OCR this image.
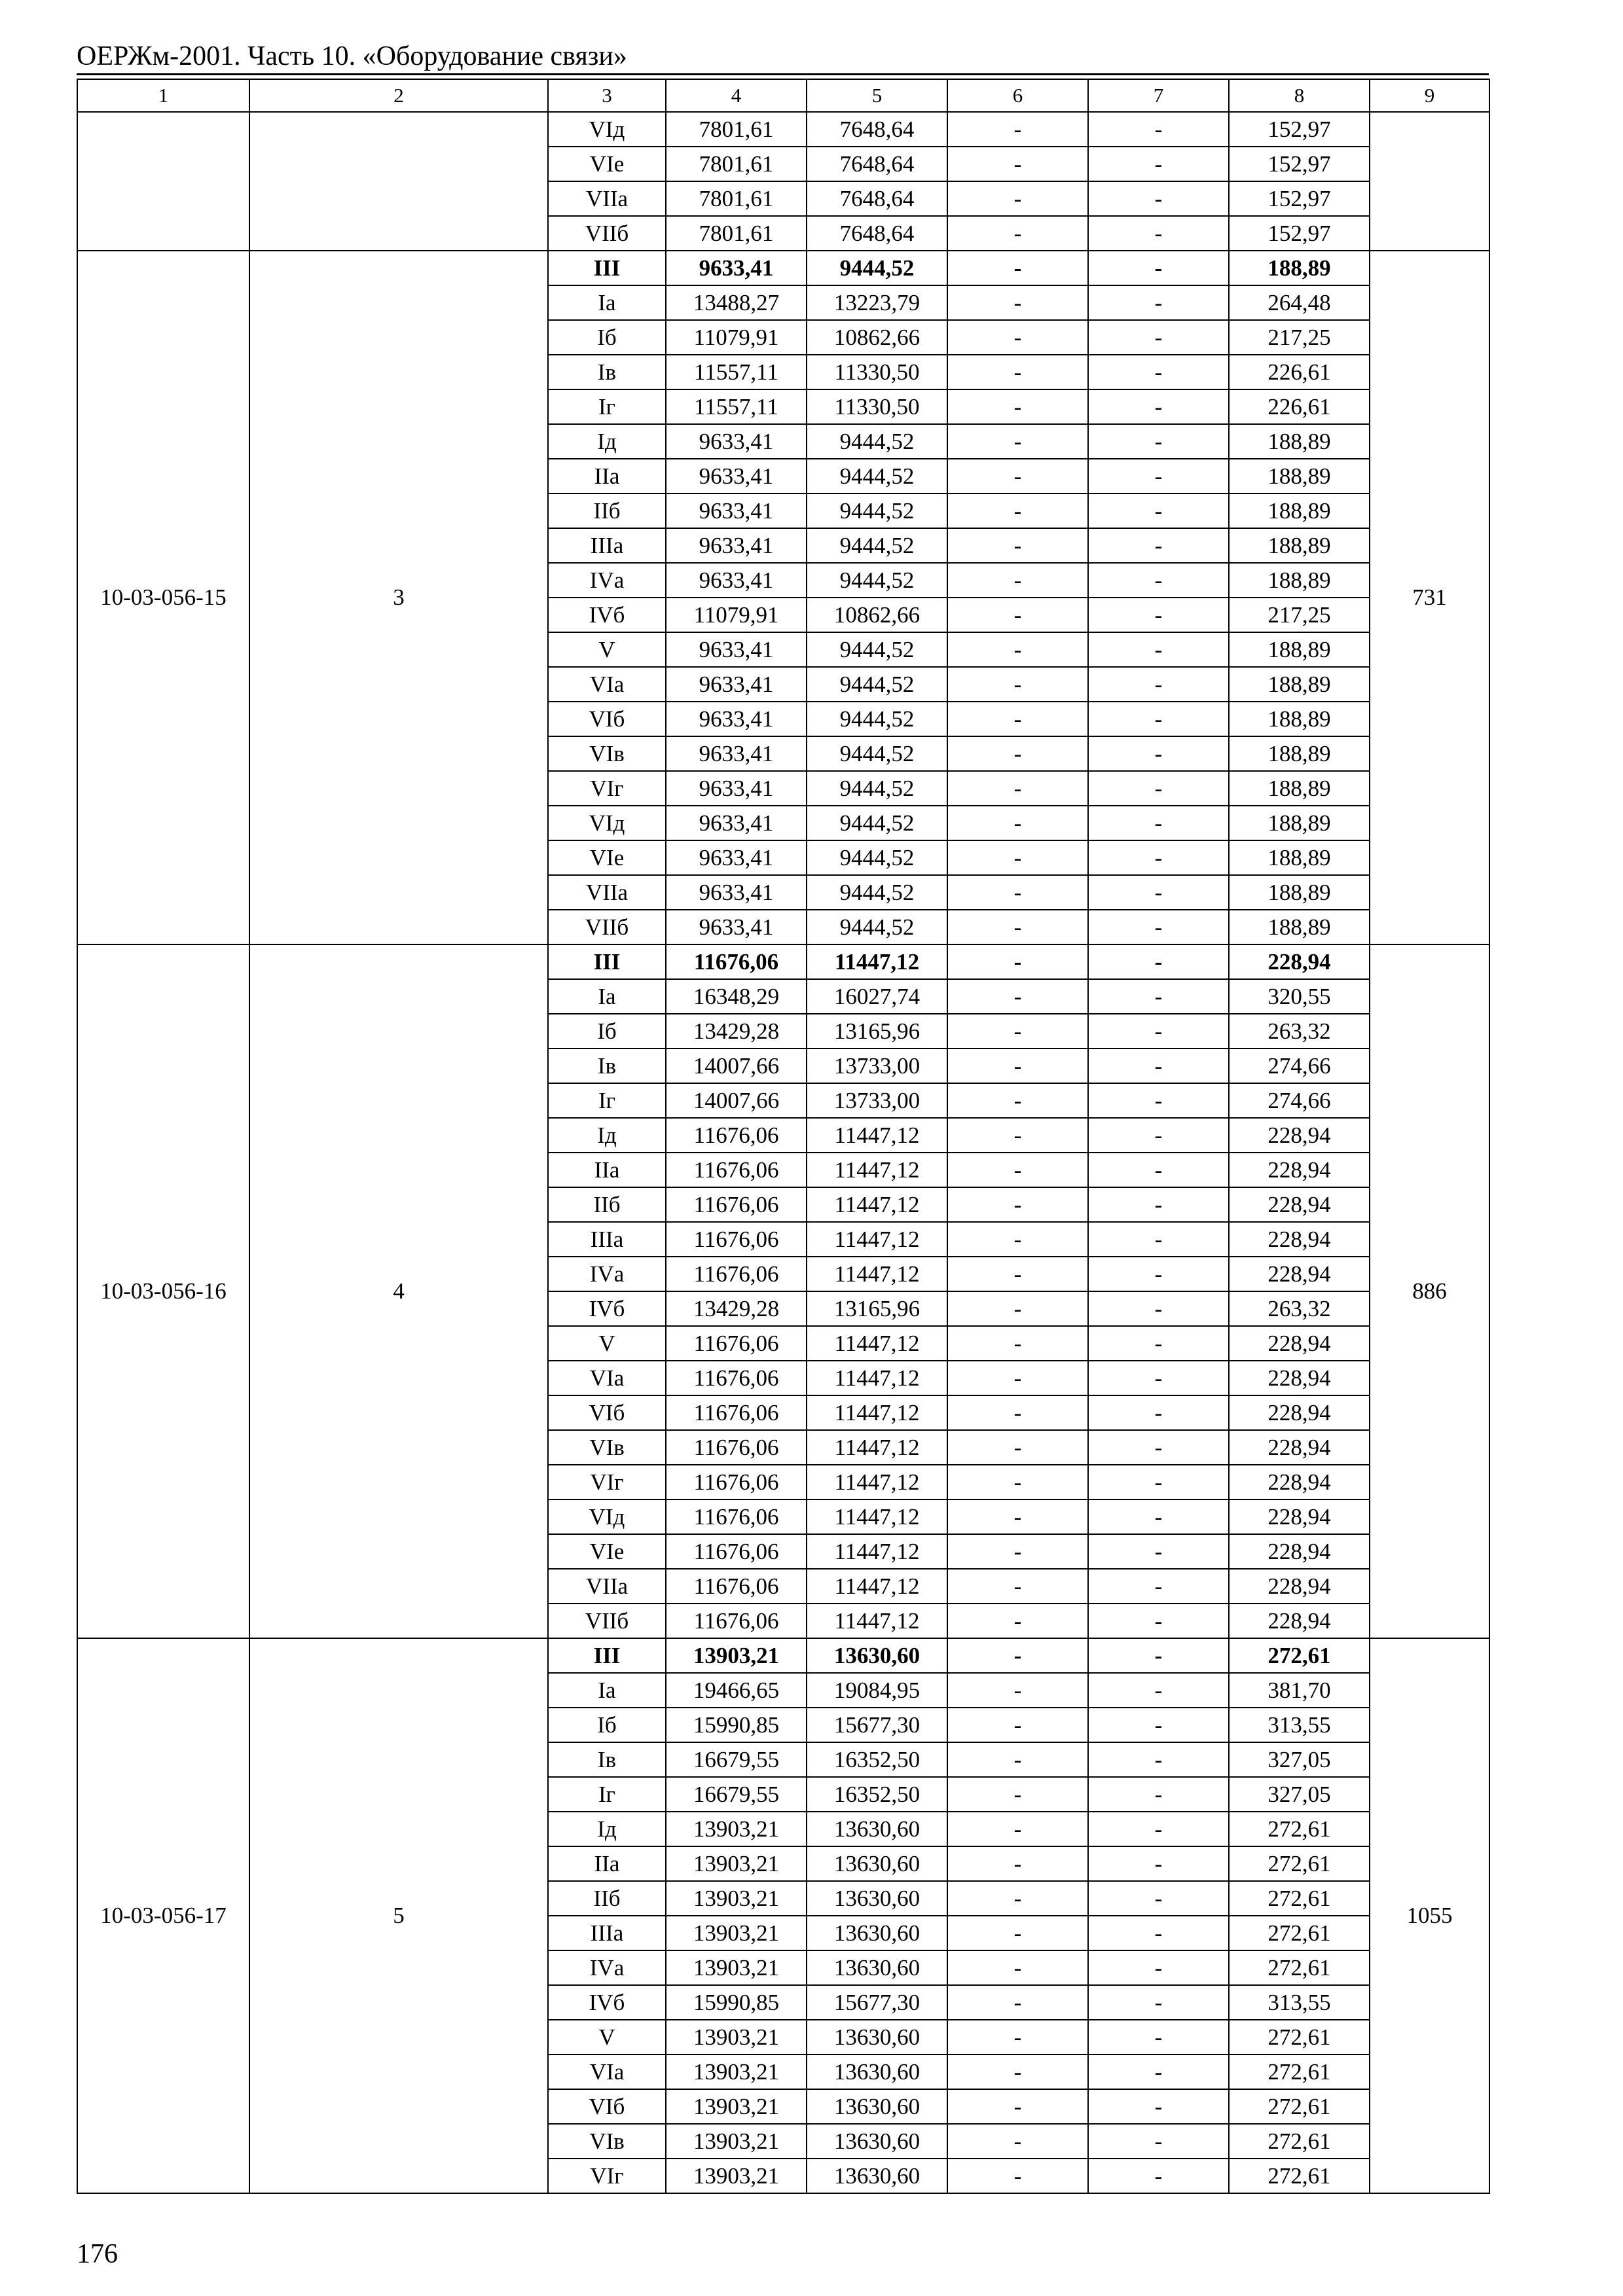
ОЕРЖм-2001. Часть 10. «Оборудование связи»
1	2	3	4	5	6	7	8	9
		VIд	7801,61	7648,64	-	-	152,97	
		VIе	7801,61	7648,64	-	-	152,97	
		VIIа	7801,61	7648,64	-	-	152,97	
		VIIб	7801,61	7648,64	-	-	152,97	
10-03-056-15	3	III	9633,41	9444,52	-	-	188,89	731
		Iа	13488,27	13223,79	-	-	264,48	
		Iб	11079,91	10862,66	-	-	217,25	
		Iв	11557,11	11330,50	-	-	226,61	
		Iг	11557,11	11330,50	-	-	226,61	
		Iд	9633,41	9444,52	-	-	188,89	
		IIа	9633,41	9444,52	-	-	188,89	
		IIб	9633,41	9444,52	-	-	188,89	
		IIIа	9633,41	9444,52	-	-	188,89	
		IVа	9633,41	9444,52	-	-	188,89	
		IVб	11079,91	10862,66	-	-	217,25	
		V	9633,41	9444,52	-	-	188,89	
		VIа	9633,41	9444,52	-	-	188,89	
		VIб	9633,41	9444,52	-	-	188,89	
		VIв	9633,41	9444,52	-	-	188,89	
		VIг	9633,41	9444,52	-	-	188,89	
		VIд	9633,41	9444,52	-	-	188,89	
		VIе	9633,41	9444,52	-	-	188,89	
		VIIа	9633,41	9444,52	-	-	188,89	
		VIIб	9633,41	9444,52	-	-	188,89	
10-03-056-16	4	III	11676,06	11447,12	-	-	228,94	886
		Iа	16348,29	16027,74	-	-	320,55	
		Iб	13429,28	13165,96	-	-	263,32	
		Iв	14007,66	13733,00	-	-	274,66	
		Iг	14007,66	13733,00	-	-	274,66	
		Iд	11676,06	11447,12	-	-	228,94	
		IIа	11676,06	11447,12	-	-	228,94	
		IIб	11676,06	11447,12	-	-	228,94	
		IIIа	11676,06	11447,12	-	-	228,94	
		IVа	11676,06	11447,12	-	-	228,94	
		IVб	13429,28	13165,96	-	-	263,32	
		V	11676,06	11447,12	-	-	228,94	
		VIа	11676,06	11447,12	-	-	228,94	
		VIб	11676,06	11447,12	-	-	228,94	
		VIв	11676,06	11447,12	-	-	228,94	
		VIг	11676,06	11447,12	-	-	228,94	
		VIд	11676,06	11447,12	-	-	228,94	
		VIе	11676,06	11447,12	-	-	228,94	
		VIIа	11676,06	11447,12	-	-	228,94	
		VIIб	11676,06	11447,12	-	-	228,94	
10-03-056-17	5	III	13903,21	13630,60	-	-	272,61	1055
		Iа	19466,65	19084,95	-	-	381,70	
		Iб	15990,85	15677,30	-	-	313,55	
		Iв	16679,55	16352,50	-	-	327,05	
		Iг	16679,55	16352,50	-	-	327,05	
		Iд	13903,21	13630,60	-	-	272,61	
		IIа	13903,21	13630,60	-	-	272,61	
		IIб	13903,21	13630,60	-	-	272,61	
		IIIа	13903,21	13630,60	-	-	272,61	
		IVа	13903,21	13630,60	-	-	272,61	
		IVб	15990,85	15677,30	-	-	313,55	
		V	13903,21	13630,60	-	-	272,61	
		VIа	13903,21	13630,60	-	-	272,61	
		VIб	13903,21	13630,60	-	-	272,61	
		VIв	13903,21	13630,60	-	-	272,61	
		VIг	13903,21	13630,60	-	-	272,61	
176
